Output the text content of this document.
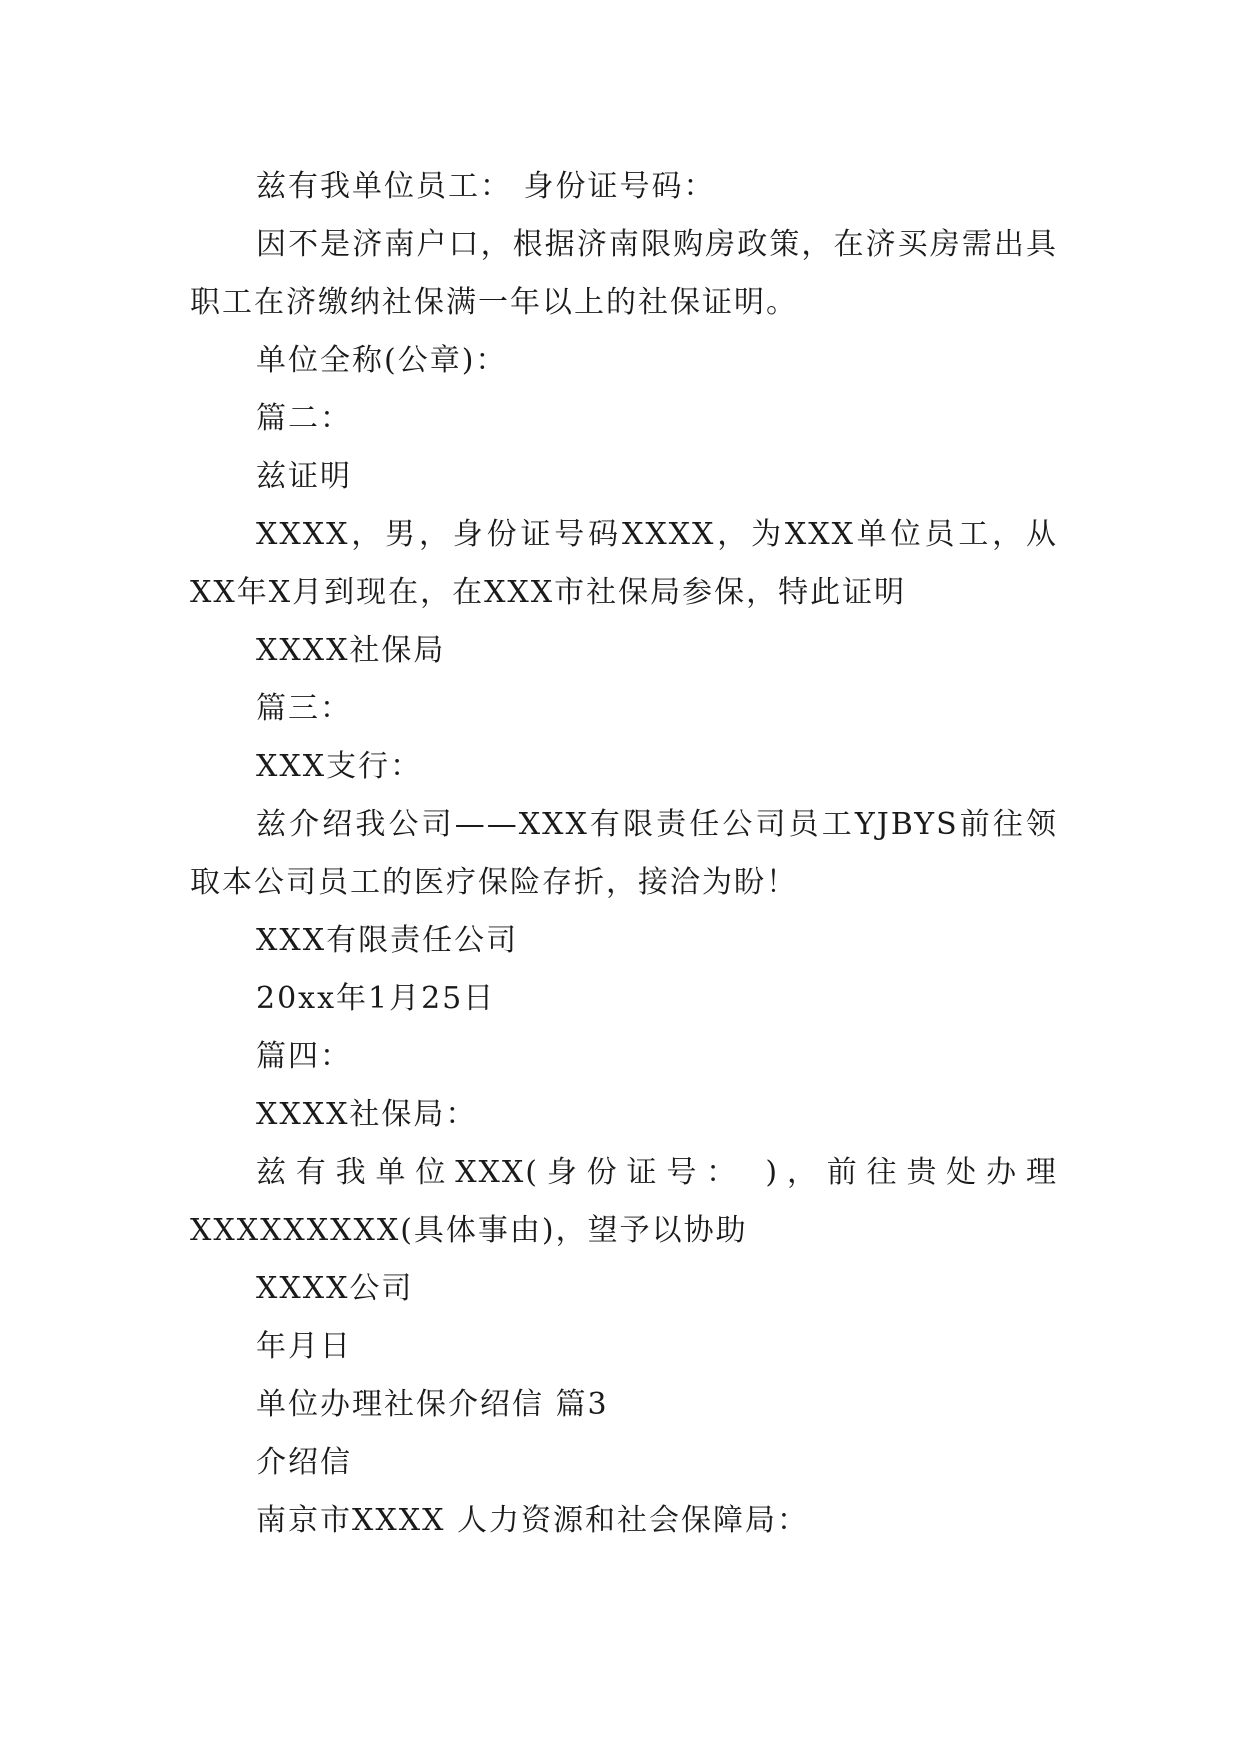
兹有我单位员工： 身份证号码：

因不是济南户口，根据济南限购房政策，在济买房需出具职工在济缴纳社保满一年以上的社保证明。

单位全称(公章)：

篇二：

兹证明

XXXX，男，身份证号码XXXX，为XXX单位员工，从XX年X月到现在，在XXX市社保局参保，特此证明

XXXX社保局

篇三：

XXX支行：

兹介绍我公司——XXX有限责任公司员工YJBYS前往领取本公司员工的医疗保险存折，接洽为盼！

XXX有限责任公司

20xx年1月25日

篇四：

XXXX社保局：

兹有我单位XXX(身份证号： )，前往贵处办理XXXXXXXXX(具体事由)，望予以协助

XXXX公司

年月日

单位办理社保介绍信 篇3

介绍信

南京市XXXX 人力资源和社会保障局：
